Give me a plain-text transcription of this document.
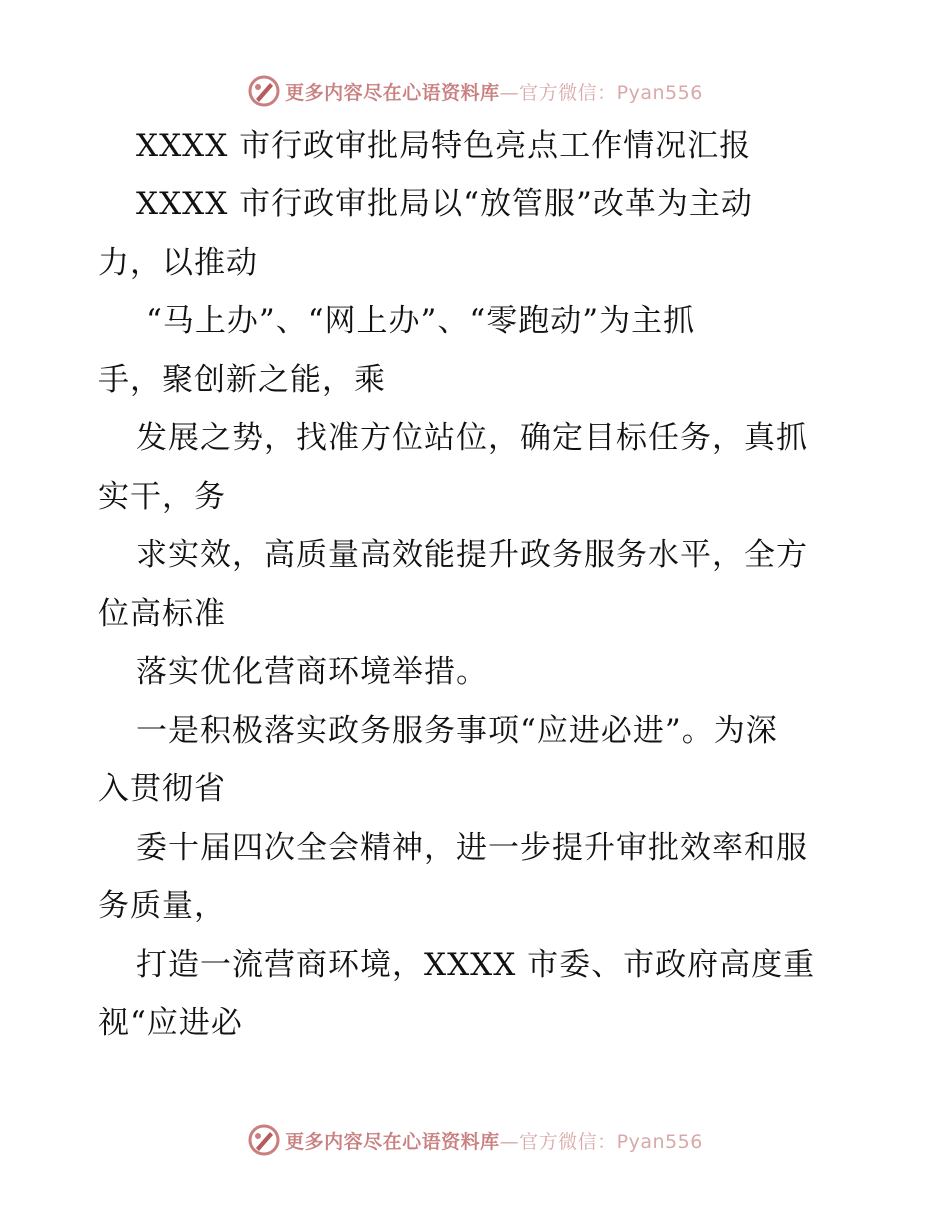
更多内容尽在心语资料库—官方微信：Pyan556
XXXX 市行政审批局特色亮点工作情况汇报
XXXX 市行政审批局以“放管服”改革为主动
力，以推动
“马上办”、“网上办”、“零跑动”为主抓
手，聚创新之能，乘
发展之势，找准方位站位，确定目标任务，真抓
实干，务
求实效，高质量高效能提升政务服务水平，全方
位高标准
落实优化营商环境举措。
一是积极落实政务服务事项“应进必进”。为深
入贯彻省
委十届四次全会精神，进一步提升审批效率和服
务质量，
打造一流营商环境，XXXX 市委、市政府高度重
视“应进必
更多内容尽在心语资料库—官方微信：Pyan556
